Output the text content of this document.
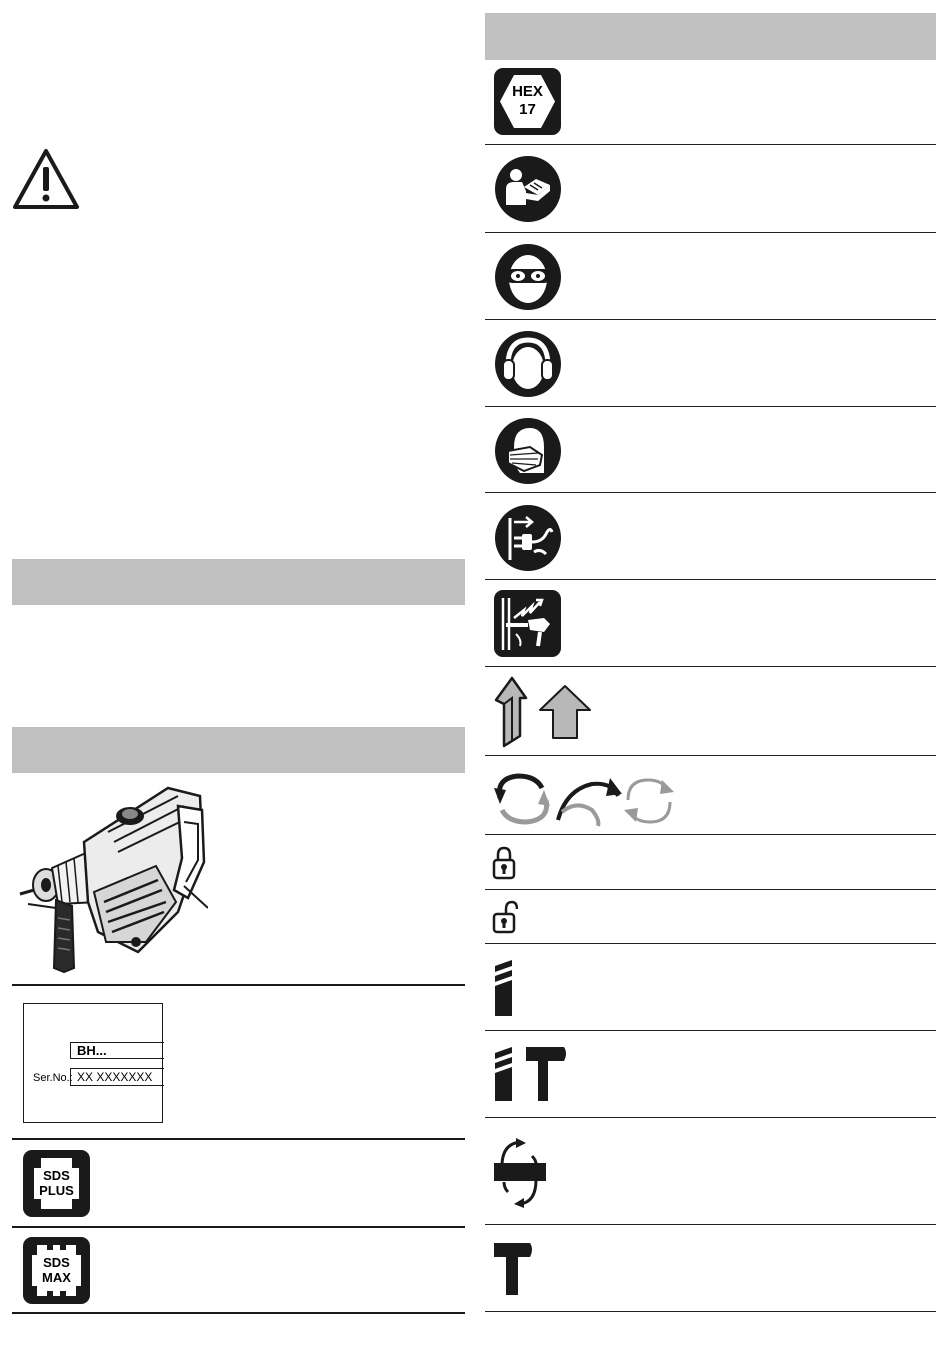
BH...
Ser.No.: XX XXXXXXX
SDS
PLUS
SDS
MAX
HEX
17
